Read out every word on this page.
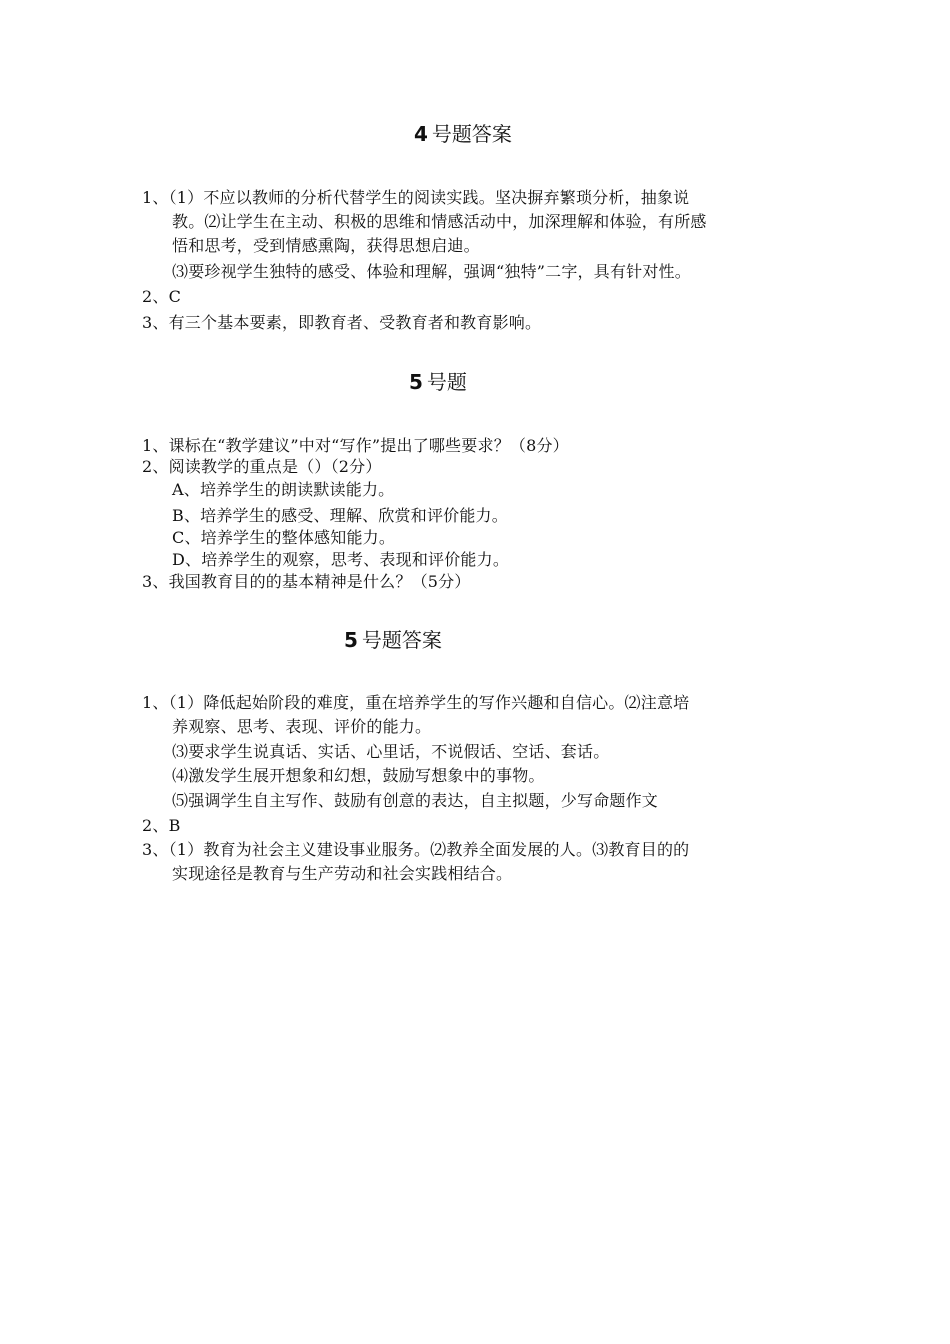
4 号题答案
1、（1）不应以教师的分析代替学生的阅读实践。坚决摒弃繁琐分析，抽象说
教。⑵让学生在主动、积极的思维和情感活动中，加深理解和体验，有所感
悟和思考，受到情感熏陶，获得思想启迪。
⑶要珍视学生独特的感受、体验和理解，强调“独特”二字，具有针对性。
2、C
3、有三个基本要素，即教育者、受教育者和教育影响。
5 号题
1、课标在“教学建议”中对“写作”提出了哪些要求？（8分）
2、阅读教学的重点是（）（2分）
A、培养学生的朗读默读能力。
B、培养学生的感受、理解、欣赏和评价能力。
C、培养学生的整体感知能力。
D、培养学生的观察，思考、表现和评价能力。
3、我国教育目的的基本精神是什么？（5分）
5 号题答案
1、（1）降低起始阶段的难度，重在培养学生的写作兴趣和自信心。⑵注意培
养观察、思考、表现、评价的能力。
⑶要求学生说真话、实话、心里话，不说假话、空话、套话。
⑷激发学生展开想象和幻想，鼓励写想象中的事物。
⑸强调学生自主写作、鼓励有创意的表达，自主拟题，少写命题作文
2、B
3、（1）教育为社会主义建设事业服务。⑵教养全面发展的人。⑶教育目的的
实现途径是教育与生产劳动和社会实践相结合。
